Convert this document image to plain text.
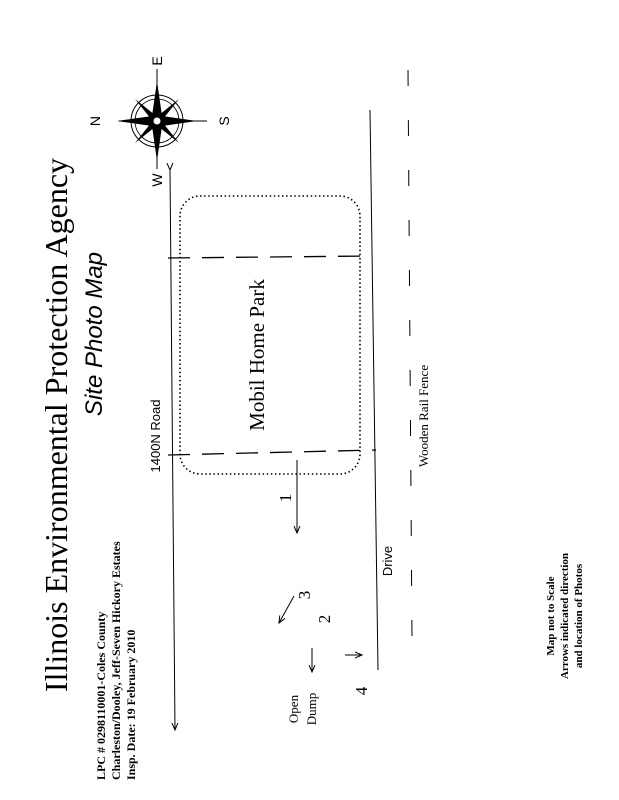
N	S
E
W
Illinois Environmental Protection Agency Site Photo Map
LPC # 0298110001-Coles County Charleston/Dooley, Jeff-Seven Hickory Estates Insp. Date: 19 February 2010
1400N Road
Mobil Home Park	Wooden Rail Fence
Drive
Open Dump
1
2
3
4
Map not to Scale Arrows indicated direction and location of Photos
